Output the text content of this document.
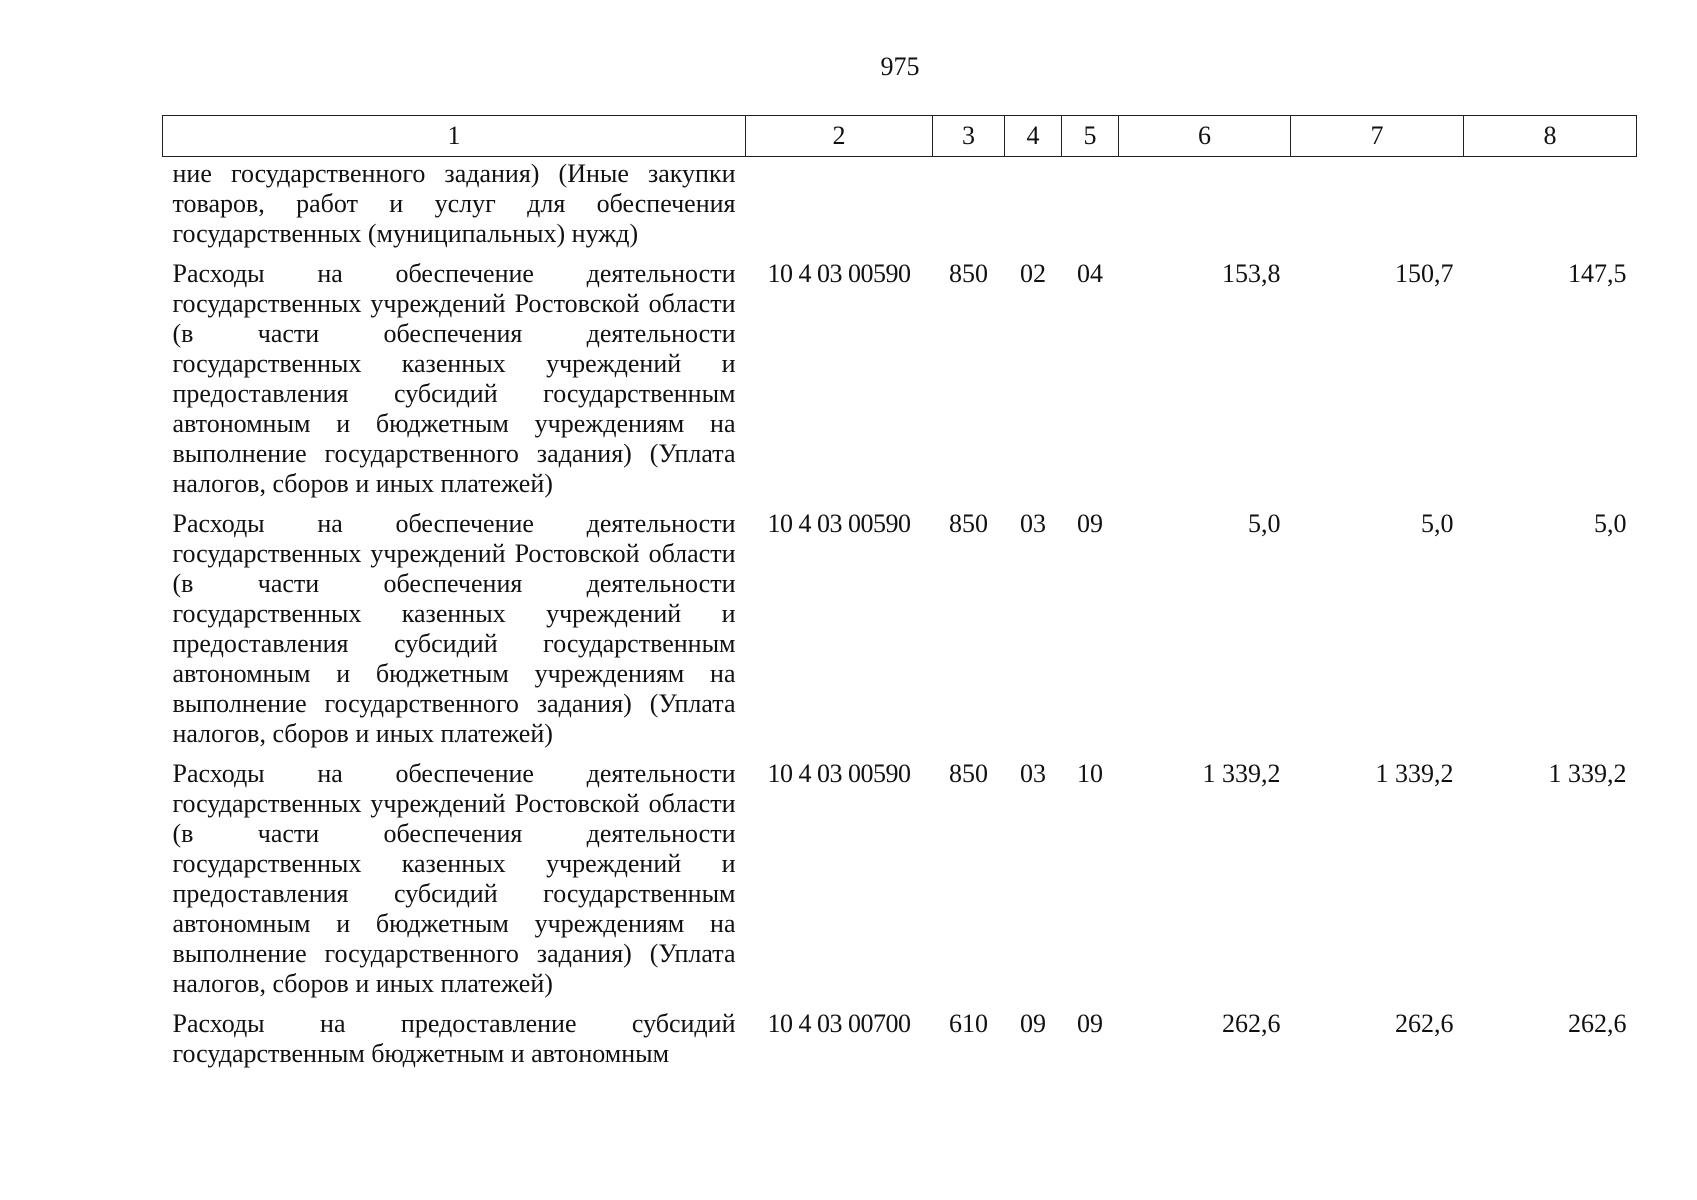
975
1	2	3	4	5	6	7	8
ние государственного задания) (Иные закупки товаров, работ и услуг для обеспечения государственных (муниципальных) нужд)							
Расходы на обеспечение деятельности государственных учреждений Ростовской области (в части обеспечения деятельности государственных казенных учреждений и предоставления субсидий государственным автономным и бюджетным учреждениям на выполнение государственного задания) (Уплата налогов, сборов и иных платежей)	10 4 03 00590	850	02	04	153,8	150,7	147,5
Расходы на обеспечение деятельности государственных учреждений Ростовской области (в части обеспечения деятельности государственных казенных учреждений и предоставления субсидий государственным автономным и бюджетным учреждениям на выполнение государственного задания) (Уплата налогов, сборов и иных платежей)	10 4 03 00590	850	03	09	5,0	5,0	5,0
Расходы на обеспечение деятельности государственных учреждений Ростовской области (в части обеспечения деятельности государственных казенных учреждений и предоставления субсидий государственным автономным и бюджетным учреждениям на выполнение государственного задания) (Уплата налогов, сборов и иных платежей)	10 4 03 00590	850	03	10	1 339,2	1 339,2	1 339,2
Расходы на предоставление субсидий государственным бюджетным и автономным	10 4 03 00700	610	09	09	262,6	262,6	262,6
